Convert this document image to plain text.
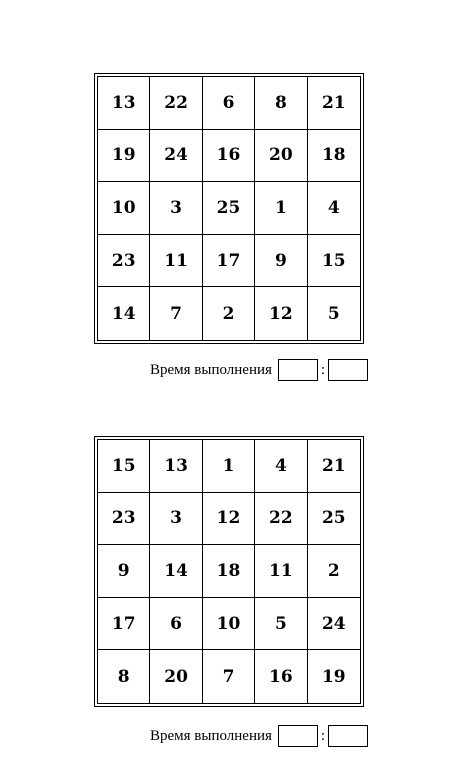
13	22	6	8	21
19	24	16	20	18
10	3	25	1	4
23	11	17	9	15
14	7	2	12	5
Время выполнения	:
15	13	1	4	21
23	3	12	22	25
9	14	18	11	2
17	6	10	5	24
8	20	7	16	19
Время выполнения	:
